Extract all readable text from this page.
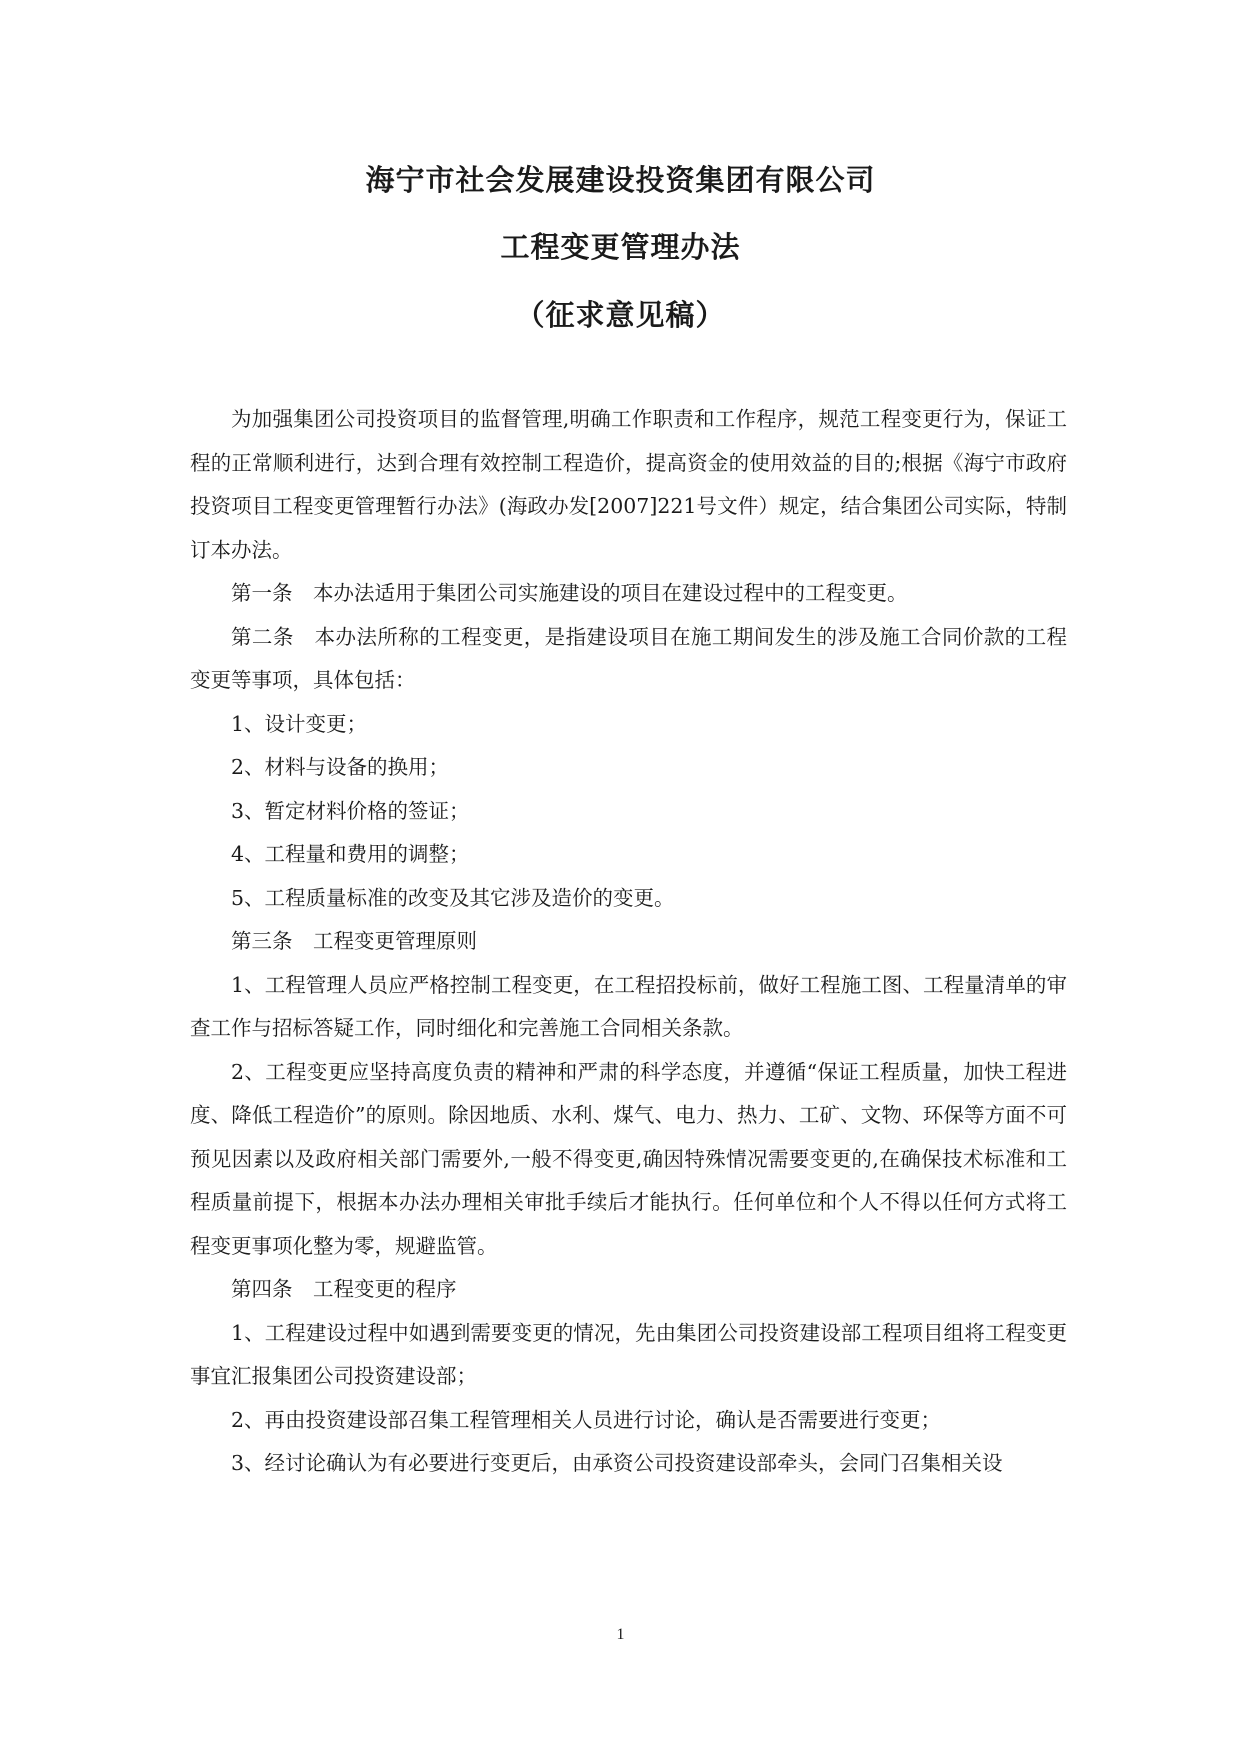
海宁市社会发展建设投资集团有限公司
工程变更管理办法
（征求意见稿）

为加强集团公司投资项目的监督管理,明确工作职责和工作程序，规范工程变更行为，保证工程的正常顺利进行，达到合理有效控制工程造价，提高资金的使用效益的目的;根据《海宁市政府投资项目工程变更管理暂行办法》(海政办发[2007]221号文件）规定，结合集团公司实际，特制订本办法。

第一条　本办法适用于集团公司实施建设的项目在建设过程中的工程变更。

第二条　本办法所称的工程变更，是指建设项目在施工期间发生的涉及施工合同价款的工程变更等事项，具体包括：

1、设计变更；

2、材料与设备的换用；

3、暂定材料价格的签证；

4、工程量和费用的调整；

5、工程质量标准的改变及其它涉及造价的变更。

第三条　工程变更管理原则

1、工程管理人员应严格控制工程变更，在工程招投标前，做好工程施工图、工程量清单的审查工作与招标答疑工作，同时细化和完善施工合同相关条款。

2、工程变更应坚持高度负责的精神和严肃的科学态度，并遵循“保证工程质量，加快工程进度、降低工程造价”的原则。除因地质、水利、煤气、电力、热力、工矿、文物、环保等方面不可预见因素以及政府相关部门需要外,一般不得变更,确因特殊情况需要变更的,在确保技术标准和工程质量前提下，根据本办法办理相关审批手续后才能执行。任何单位和个人不得以任何方式将工程变更事项化整为零，规避监管。

第四条　工程变更的程序

1、工程建设过程中如遇到需要变更的情况，先由集团公司投资建设部工程项目组将工程变更事宜汇报集团公司投资建设部；

2、再由投资建设部召集工程管理相关人员进行讨论，确认是否需要进行变更；

3、经讨论确认为有必要进行变更后，由承资公司投资建设部牵头，会同门召集相关设

1
